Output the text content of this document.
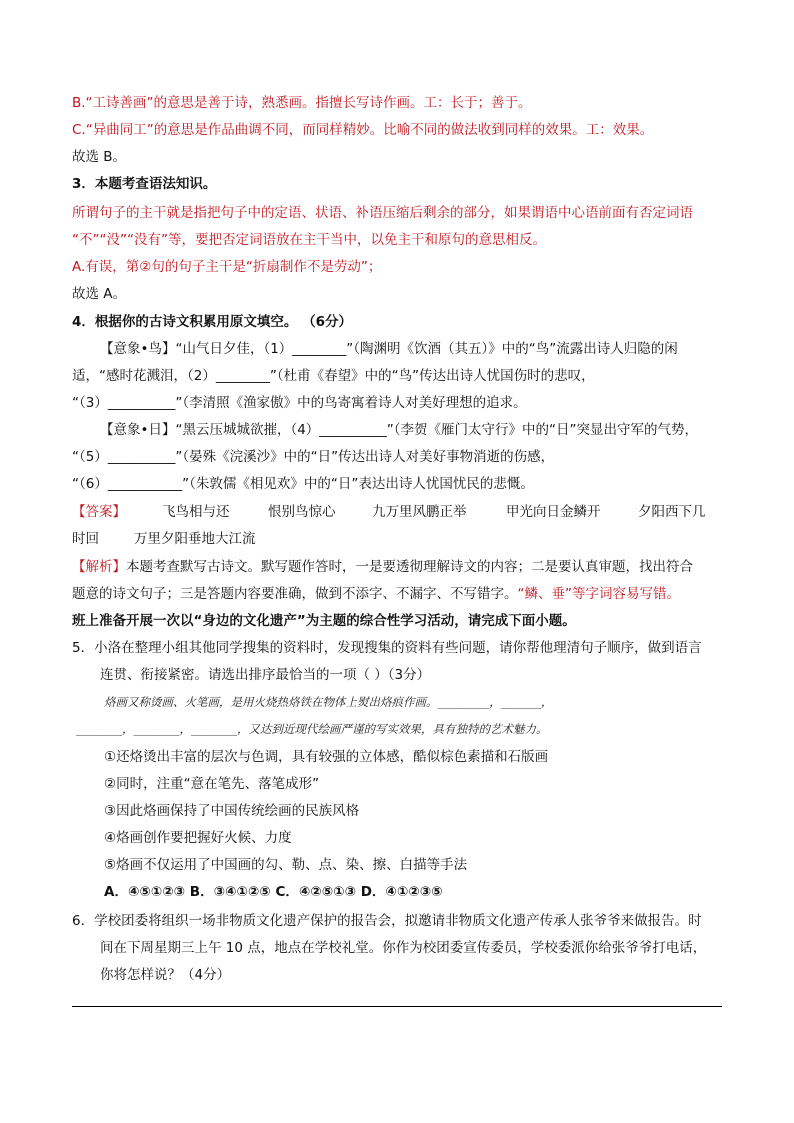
B.“工诗善画”的意思是善于诗，熟悉画。指擅长写诗作画。工：长于；善于。
C.“异曲同工”的意思是作品曲调不同，而同样精妙。比喻不同的做法收到同样的效果。工：效果。
故选 B。
3．本题考查语法知识。
所谓句子的主干就是指把句子中的定语、状语、补语压缩后剩余的部分，如果谓语中心语前面有否定词语
“不”“没”“没有”等，要把否定词语放在主干当中，以免主干和原句的意思相反。
A.有误，第②句的句子主干是“折扇制作不是劳动”；
故选 A。
4．根据你的古诗文积累用原文填空。 （6分）
【意象•鸟】“山气日夕佳，（1）________”（陶渊明《饮酒（其五）》中的“鸟”流露出诗人归隐的闲
适，“感时花溅泪，（2）________”（杜甫《春望》中的“鸟”传达出诗人忧国伤时的悲叹，
“（3）__________”（李清照《渔家傲》中的鸟寄寓着诗人对美好理想的追求。
【意象•日】“黑云压城城欲摧，（4）__________”（李贺《雁门太守行》中的“日”突显出守军的气势，
“（5）__________”（晏殊《浣溪沙》中的“日”传达出诗人对美好事物消逝的伤感，
“（6）___________”（朱敦儒《相见欢》中的“日”表达出诗人忧国忧民的悲慨。
【答案】	飞鸟相与还	恨别鸟惊心	九万里风鹏正举	甲光向日金鳞开	夕阳西下几
时回	万里夕阳垂地大江流
【解析】本题考查默写古诗文。默写题作答时，一是要透彻理解诗文的内容；二是要认真审题，找出符合
题意的诗文句子；三是答题内容要准确，做到不添字、不漏字、不写错字。“鳞、垂”等字词容易写错。
班上准备开展一次以“身边的文化遗产”为主题的综合性学习活动，请完成下面小题。
5．小洛在整理小组其他同学搜集的资料时，发现搜集的资料有些问题，请你帮他理清句子顺序，做到语言
连贯、衔接紧密。请选出排序最恰当的一项（ ）（3分）
烙画又称烫画、火笔画，是用火烧热烙铁在物体上熨出烙痕作画。_________，_______，
________，________，________，又达到近现代绘画严谨的写实效果，具有独特的艺术魅力。
①还烙烫出丰富的层次与色调，具有较强的立体感，酷似棕色素描和石版画
②同时，注重“意在笔先、落笔成形”
③因此烙画保持了中国传统绘画的民族风格
④烙画创作要把握好火候、力度
⑤烙画不仅运用了中国画的勾、勒、点、染、擦、白描等手法
A．④⑤①②③ B．③④①②⑤ C．④②⑤①③ D．④①②③⑤
6．学校团委将组织一场非物质文化遗产保护的报告会，拟邀请非物质文化遗产传承人张爷爷来做报告。时
间在下周星期三上午 10 点，地点在学校礼堂。你作为校团委宣传委员，学校委派你给张爷爷打电话，
你将怎样说？（4分）
